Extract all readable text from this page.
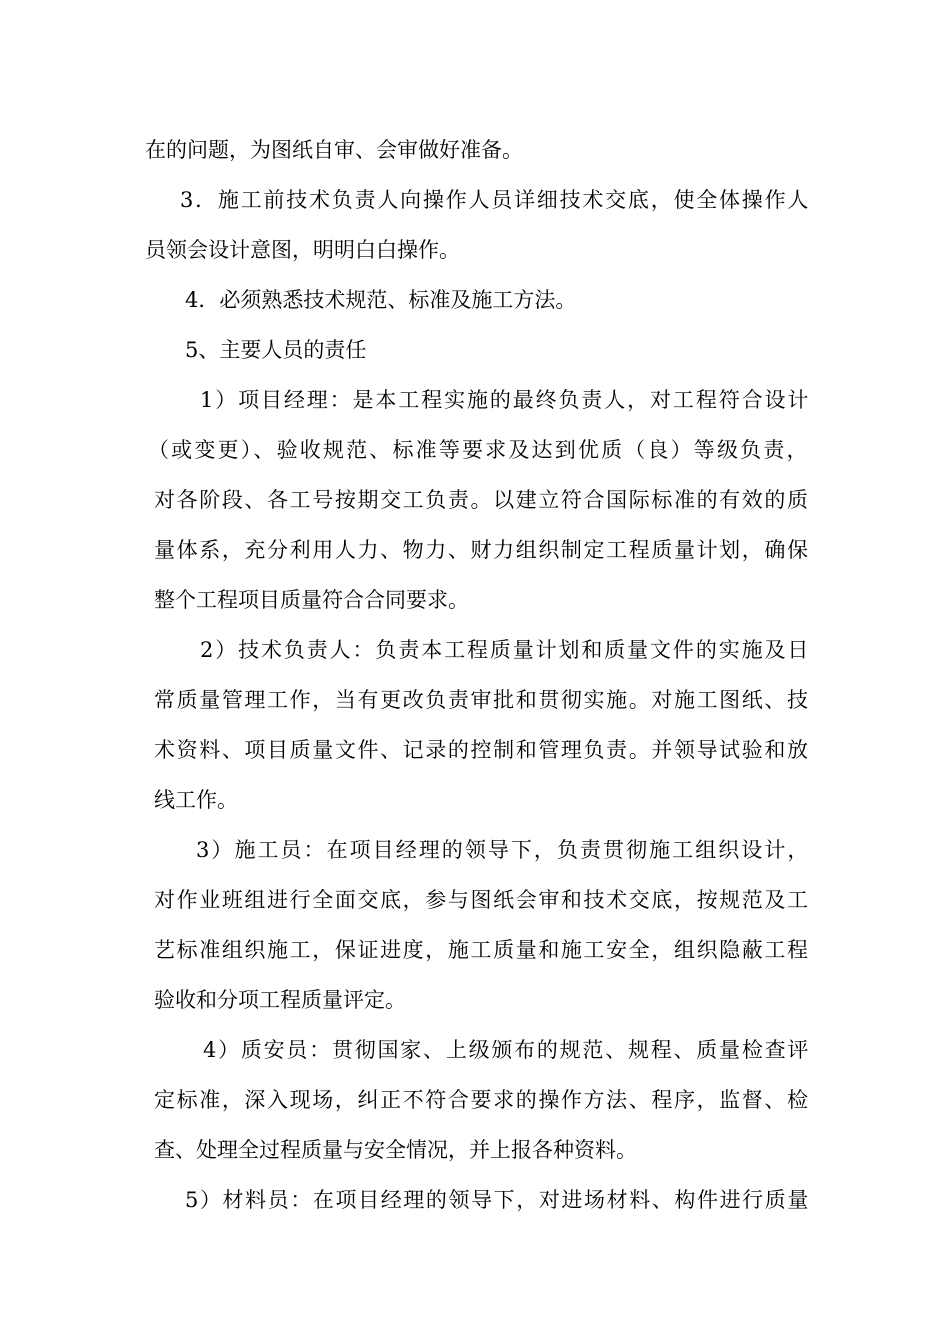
在的问题，为图纸自审、会审做好准备。
3．施工前技术负责人向操作人员详细技术交底，使全体操作人
员领会设计意图，明明白白操作。
4．必须熟悉技术规范、标准及施工方法。
5、主要人员的责任
1）项目经理：是本工程实施的最终负责人，对工程符合设计
（或变更）、验收规范、标准等要求及达到优质（良）等级负责，
对各阶段、各工号按期交工负责。以建立符合国际标准的有效的质
量体系，充分利用人力、物力、财力组织制定工程质量计划，确保
整个工程项目质量符合合同要求。
2）技术负责人：负责本工程质量计划和质量文件的实施及日
常质量管理工作，当有更改负责审批和贯彻实施。对施工图纸、技
术资料、项目质量文件、记录的控制和管理负责。并领导试验和放
线工作。
3）施工员：在项目经理的领导下，负责贯彻施工组织设计，
对作业班组进行全面交底，参与图纸会审和技术交底，按规范及工
艺标准组织施工，保证进度，施工质量和施工安全，组织隐蔽工程
验收和分项工程质量评定。
4）质安员：贯彻国家、上级颁布的规范、规程、质量检查评
定标准，深入现场，纠正不符合要求的操作方法、程序，监督、检
查、处理全过程质量与安全情况，并上报各种资料。
5）材料员：在项目经理的领导下，对进场材料、构件进行质量
